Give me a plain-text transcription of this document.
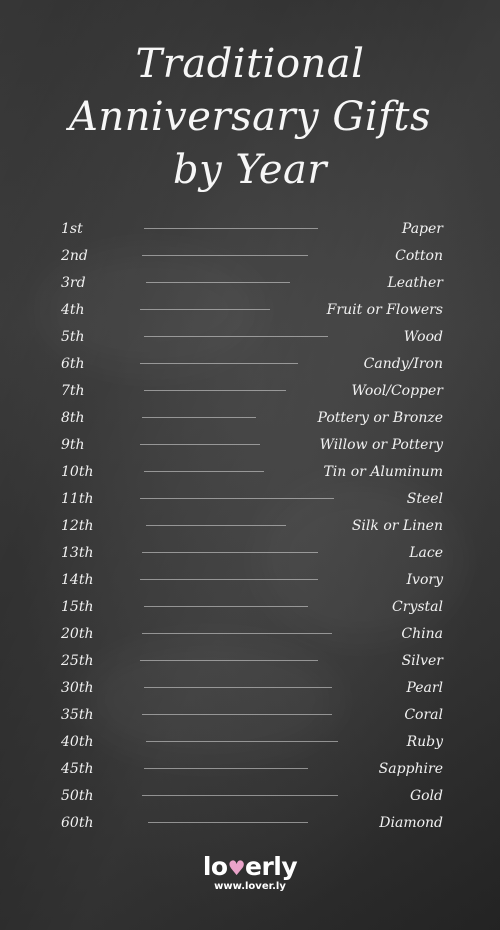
Traditional
Anniversary Gifts
by Year
1st	Paper
2nd	Cotton
3rd	Leather
4th	Fruit or Flowers
5th	Wood
6th	Candy/Iron
7th	Wool/Copper
8th	Pottery or Bronze
9th	Willow or Pottery
10th	Tin or Aluminum
11th	Steel
12th	Silk or Linen
13th	Lace
14th	Ivory
15th	Crystal
20th	China
25th	Silver
30th	Pearl
35th	Coral
40th	Ruby
45th	Sapphire
50th	Gold
60th	Diamond
lo♥erly
www.lover.ly
